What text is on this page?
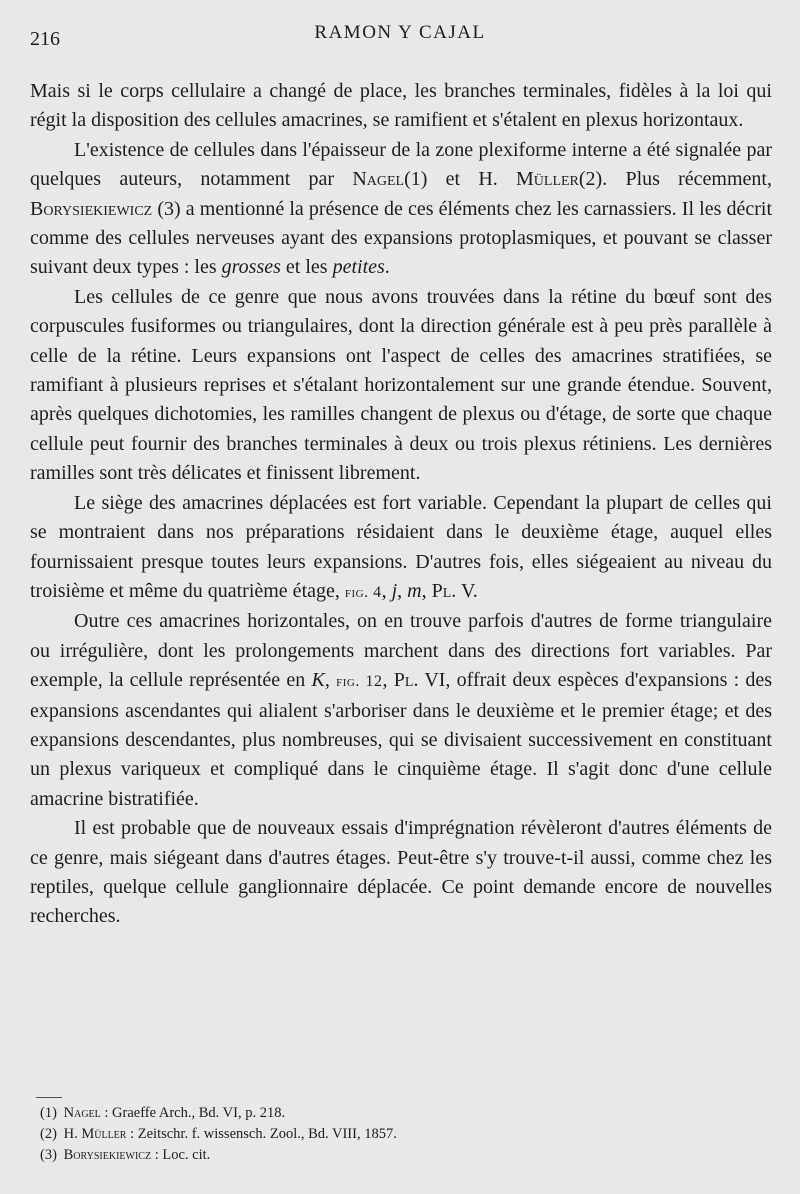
216	RAMON Y CAJAL

Mais si le corps cellulaire a changé de place, les branches terminales, fidèles à la loi qui régit la disposition des cellules amacrines, se ramifient et s'étalent en plexus horizontaux.

L'existence de cellules dans l'épaisseur de la zone plexiforme interne a été signalée par quelques auteurs, notamment par Nagel(1) et H. Müller(2). Plus récemment, Borysiekiewicz (3) a mentionné la présence de ces éléments chez les carnassiers. Il les décrit comme des cellules nerveuses ayant des expansions protoplasmiques, et pouvant se classer suivant deux types : les grosses et les petites.

Les cellules de ce genre que nous avons trouvées dans la rétine du bœuf sont des corpuscules fusiformes ou triangulaires, dont la direction générale est à peu près parallèle à celle de la rétine. Leurs expansions ont l'aspect de celles des amacrines stratifiées, se ramifiant à plusieurs reprises et s'étalant horizontalement sur une grande étendue. Souvent, après quelques dichotomies, les ramilles changent de plexus ou d'étage, de sorte que chaque cellule peut fournir des branches terminales à deux ou trois plexus rétiniens. Les dernières ramilles sont très délicates et finissent librement.

Le siège des amacrines déplacées est fort variable. Cependant la plupart de celles qui se montraient dans nos préparations résidaient dans le deuxième étage, auquel elles fournissaient presque toutes leurs expansions. D'autres fois, elles siégeaient au niveau du troisième et même du quatrième étage, fig. 4, j, m, Pl. V.

Outre ces amacrines horizontales, on en trouve parfois d'autres de forme triangulaire ou irrégulière, dont les prolongements marchent dans des directions fort variables. Par exemple, la cellule représentée en K, fig. 12, Pl. VI, offrait deux espèces d'expansions : des expansions ascendantes qui alialent s'arboriser dans le deuxième et le premier étage; et des expansions descendantes, plus nombreuses, qui se divisaient successivement en constituant un plexus variqueux et compliqué dans le cinquième étage. Il s'agit donc d'une cellule amacrine bistratifiée.

Il est probable que de nouveaux essais d'imprégnation révèleront d'autres éléments de ce genre, mais siégeant dans d'autres étages. Peut-être s'y trouve-t-il aussi, comme chez les reptiles, quelque cellule ganglionnaire déplacée. Ce point demande encore de nouvelles recherches.

(1) Nagel : Graeffe Arch., Bd. VI, p. 218.
(2) H. Müller : Zeitschr. f. wissensch. Zool., Bd. VIII, 1857.
(3) Borysiekiewicz : Loc. cit.
